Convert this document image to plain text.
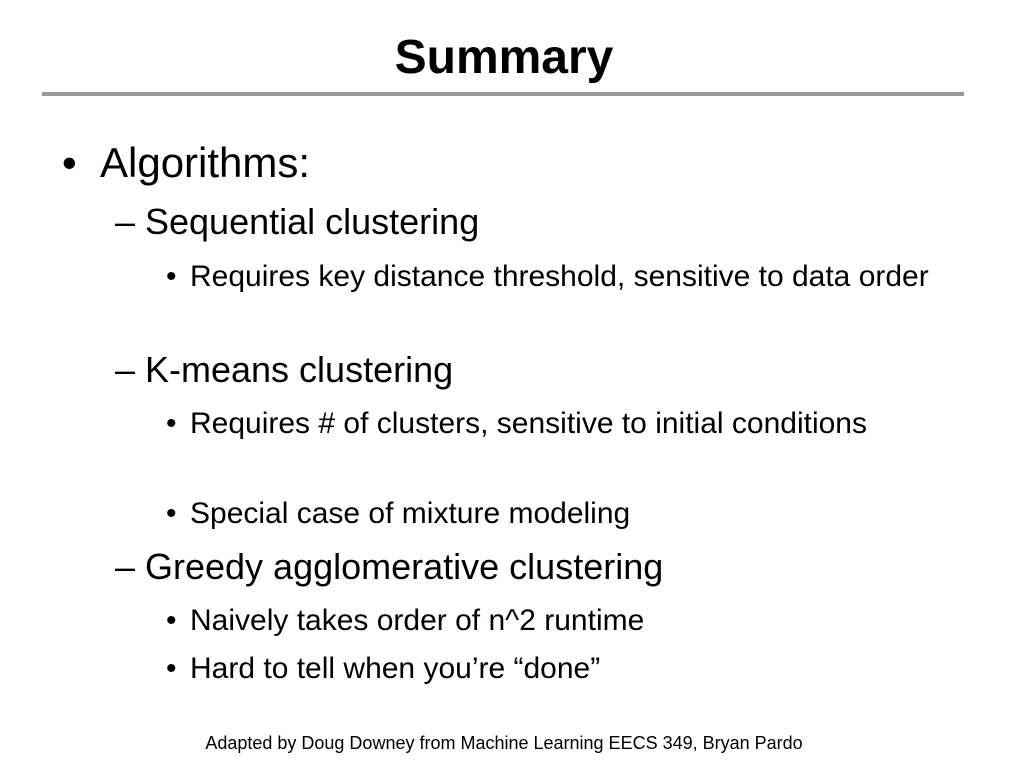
Summary
• Algorithms:
– Sequential clustering
• Requires key distance threshold, sensitive to data order
– K-means clustering
• Requires # of clusters, sensitive to initial conditions
• Special case of mixture modeling
– Greedy agglomerative clustering
• Naively takes order of n^2 runtime
• Hard to tell when you’re “done”
Adapted by Doug Downey from Machine Learning EECS 349, Bryan Pardo
